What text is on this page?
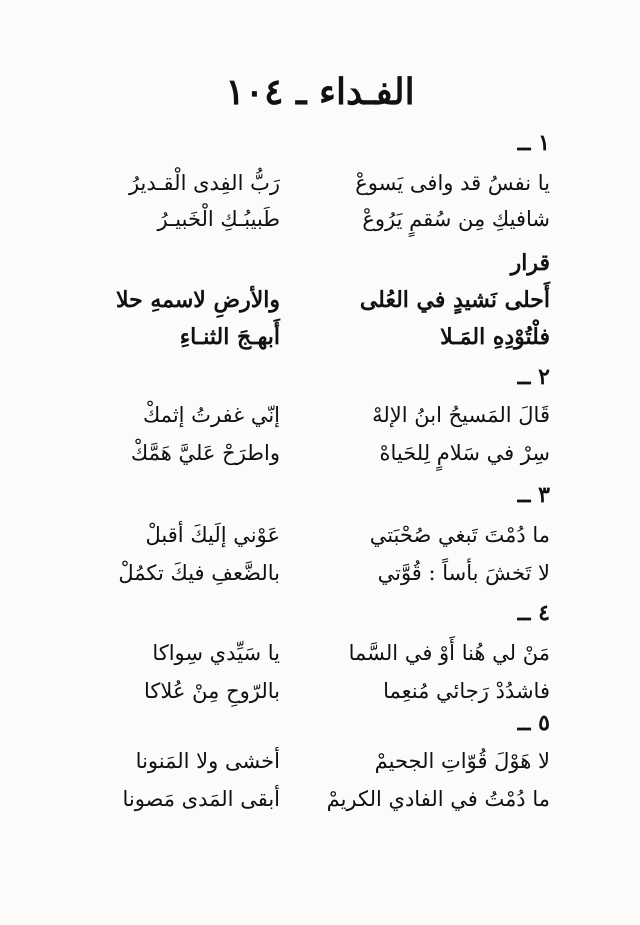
الفـداء ـ ١٠٤
١ ــ
يا نفسُ قد وافى يَسوعْ
رَبُّ الفِدى الْقـديرُ
شافيكِ مِن سُقمٍ يَرُوعْ
طَبيبُـكِ الْخَبيـرُ
قرار
أَحلى نَشيدٍ في العُلى
والأرضِ لاسمهِ حلا
فلْتُوْدِهِ المَـلا
أَبهـجَ الثنـاءِ
٢ ــ
قَالَ المَسيحُ ابنُ الإلهْ
إنّي غفرتُ إثمكْ
سِرْ في سَلامٍ لِلحَياهْ
واطرَحْ عَليَّ هَمَّكْ
٣ ــ
ما دُمْتَ تَبغي صُحْبَتي
عَوْني إلَيكَ أقبلْ
لا تَخشَ بأساً : قُوَّتي
بالضَّعفِ فيكَ تكمُلْ
٤ ــ
مَنْ لي هُنا أَوْ في السَّما
يا سَيِّدي سِواكا
فاشدُدْ رَجائي مُنعِما
بالرّوحِ مِنْ عُلاكا
٥ ــ
لا هَوْلَ قُوّاتِ الجحيمْ
أخشى ولا المَنونا
ما دُمْتُ في الفادي الكريمْ
أبقى المَدى مَصونا
